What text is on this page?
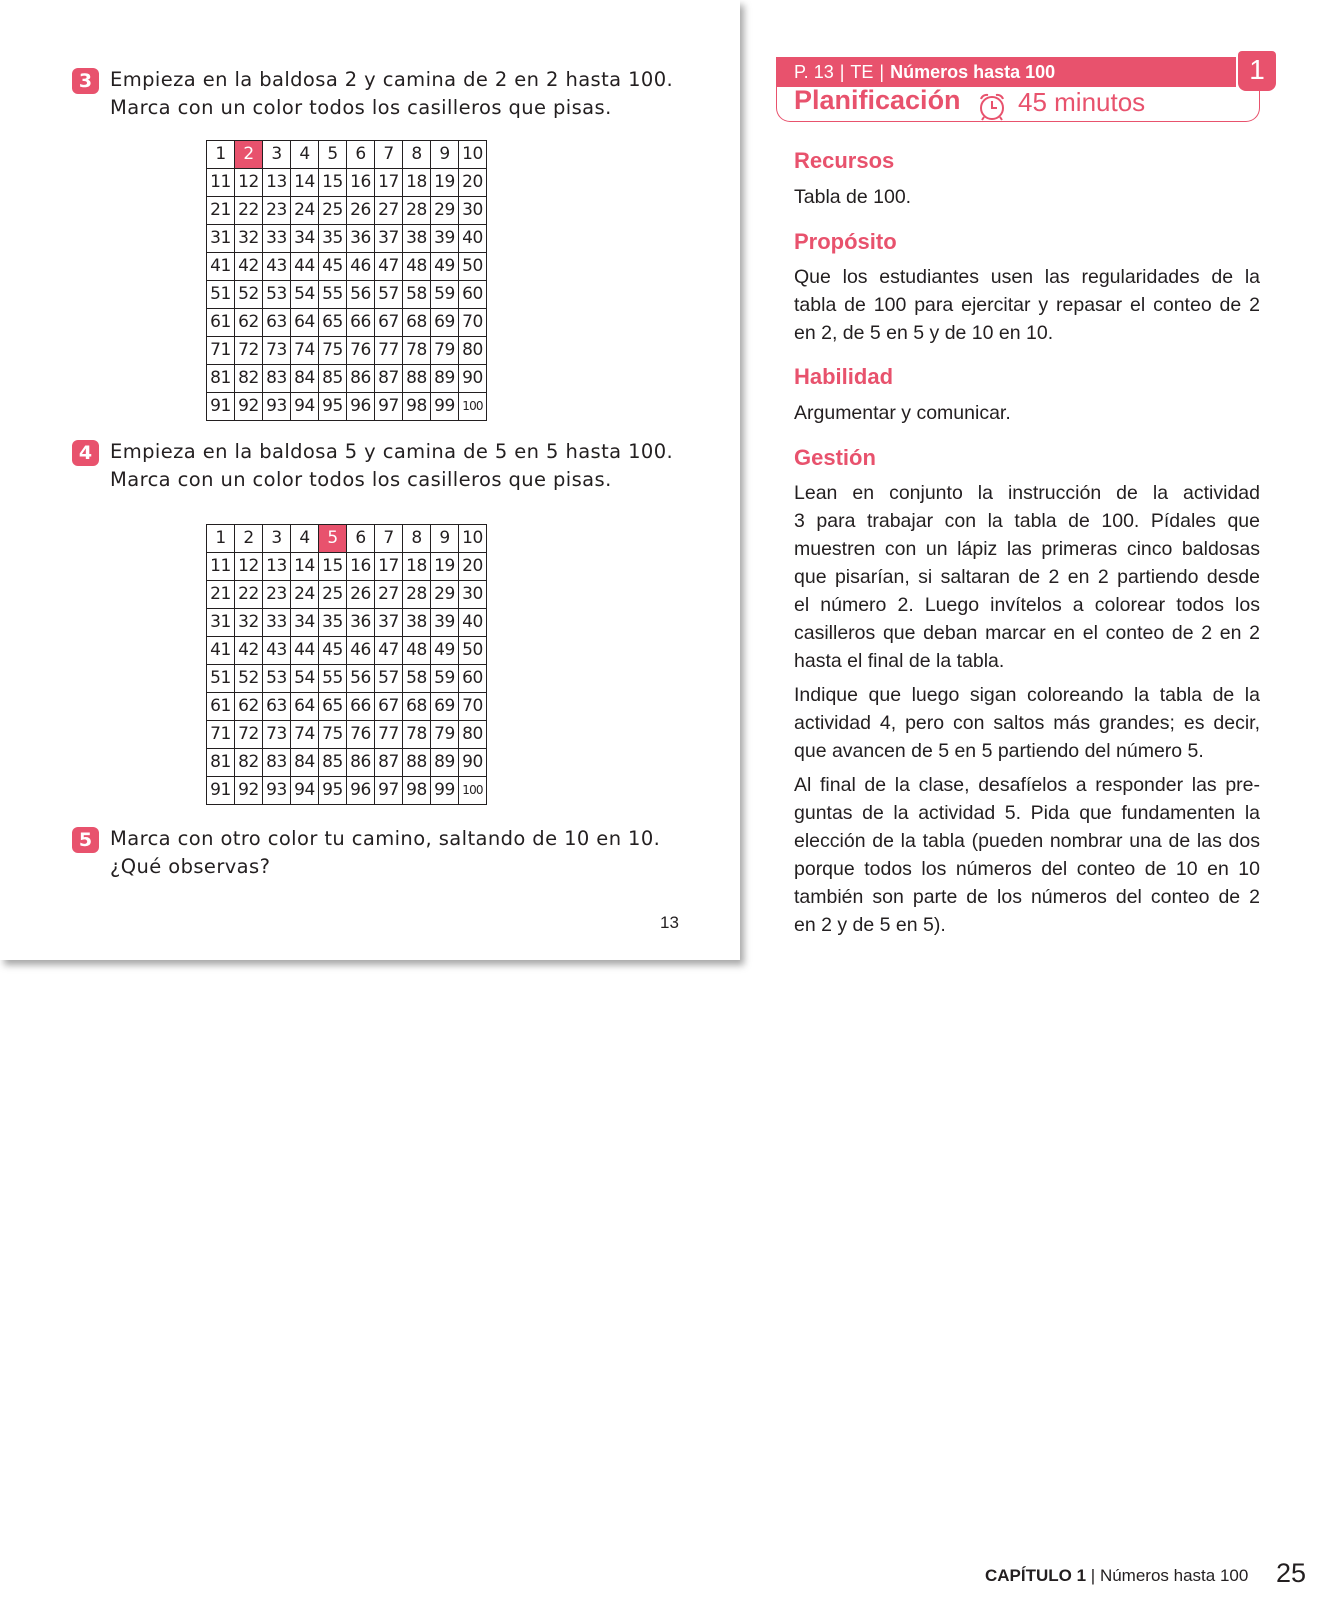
3 Empieza en la baldosa 2 y camina de 2 en 2 hasta 100.
Marca con un color todos los casilleros que pisas.
1	2	3	4	5	6	7	8	9 10
11 12 13 14 15 16 17 18 19 20
21 22 23 24 25 26 27 28 29 30
31 32 33 34 35 36 37 38 39 40
41 42 43 44 45 46 47 48 49 50
51 52 53 54 55 56 57 58 59 60
61 62 63 64 65 66 67 68 69 70
71 72 73 74 75 76 77 78 79 80
81 82 83 84 85 86 87 88 89 90
91 92 93 94 95 96 97 98 99 100
4 Empieza en la baldosa 5 y camina de 5 en 5 hasta 100.
Marca con un color todos los casilleros que pisas.
1	2	3	4	5	6	7	8	9 10
11 12 13 14 15 16 17 18 19 20
21 22 23 24 25 26 27 28 29 30
31 32 33 34 35 36 37 38 39 40
41 42 43 44 45 46 47 48 49 50
51 52 53 54 55 56 57 58 59 60
61 62 63 64 65 66 67 68 69 70
71 72 73 74 75 76 77 78 79 80
81 82 83 84 85 86 87 88 89 90
91 92 93 94 95 96 97 98 99 100
5 Marca con otro color tu camino, saltando de 10 en 10.
¿Qué observas?
13
P. 13 | TE | Números hasta 100	1
Planificación 45 minutos
Recursos
Tabla de 100.
Propósito
Que los estudiantes usen las regularidades de la
tabla de 100 para ejercitar y repasar el conteo de 2
en 2, de 5 en 5 y de 10 en 10.
Habilidad
Argumentar y comunicar.
Gestión
Lean en conjunto la instrucción de la actividad
3 para trabajar con la tabla de 100. Pídales que
muestren con un lápiz las primeras cinco baldosas
que pisarían, si saltaran de 2 en 2 partiendo desde
el número 2. Luego invítelos a colorear todos los
casilleros que deban marcar en el conteo de 2 en 2
hasta el final de la tabla.
Indique que luego sigan coloreando la tabla de la
actividad 4, pero con saltos más grandes; es decir,
que avancen de 5 en 5 partiendo del número 5.
Al final de la clase, desafíelos a responder las pre-
guntas de la actividad 5. Pida que fundamenten la
elección de la tabla (pueden nombrar una de las dos
porque todos los números del conteo de 10 en 10
también son parte de los números del conteo de 2
en 2 y de 5 en 5).
CAPÍTULO 1 | Números hasta 100 25
